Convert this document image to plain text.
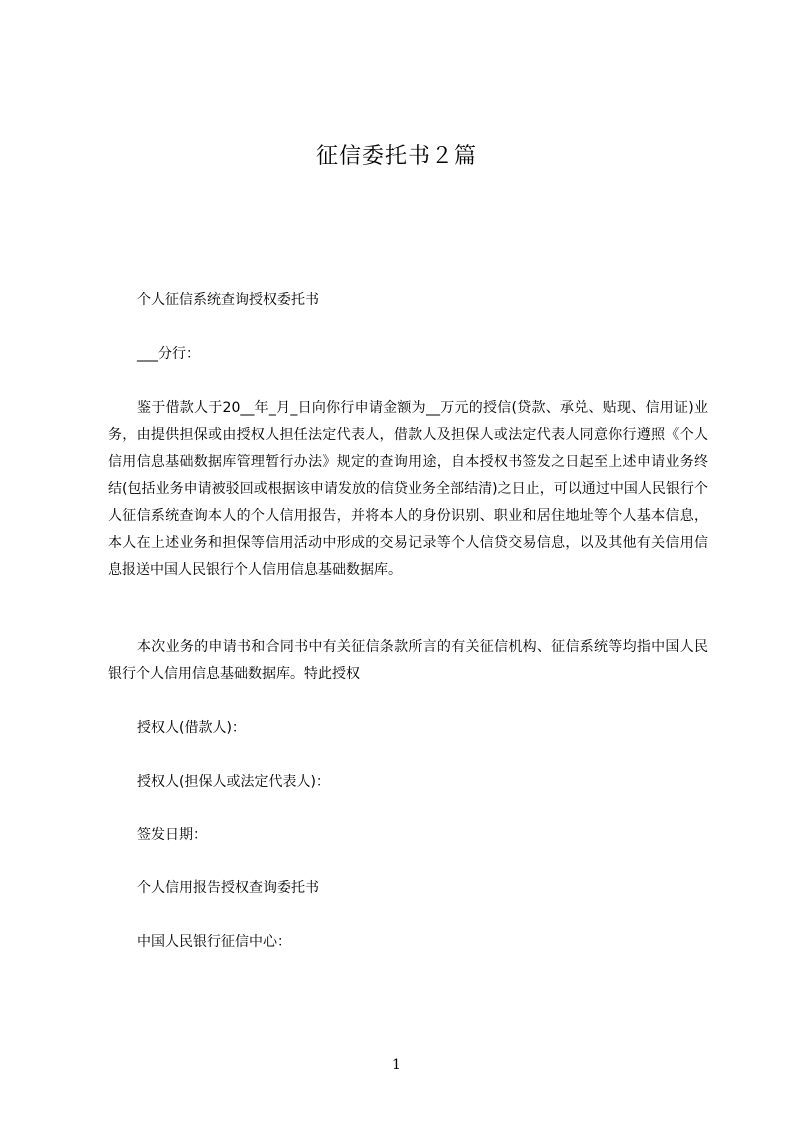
征信委托书２篇
个人征信系统查询授权委托书
___分行：

鉴于借款人于20__年_月_日向你行申请金额为__万元的授信(贷款、承兑、贴现、信用证)业务，由提供担保或由授权人担任法定代表人，借款人及担保人或法定代表人同意你行遵照《个人信用信息基础数据库管理暂行办法》规定的查询用途，自本授权书签发之日起至上述申请业务终结(包括业务申请被驳回或根据该申请发放的信贷业务全部结清)之日止，可以通过中国人民银行个人征信系统查询本人的个人信用报告，并将本人的身份识别、职业和居住地址等个人基本信息，本人在上述业务和担保等信用活动中形成的交易记录等个人信贷交易信息，以及其他有关信用信息报送中国人民银行个人信用信息基础数据库。

本次业务的申请书和合同书中有关征信条款所言的有关征信机构、征信系统等均指中国人民银行个人信用信息基础数据库。特此授权

授权人(借款人)：
授权人(担保人或法定代表人)：
签发日期：
个人信用报告授权查询委托书
中国人民银行征信中心：
1
